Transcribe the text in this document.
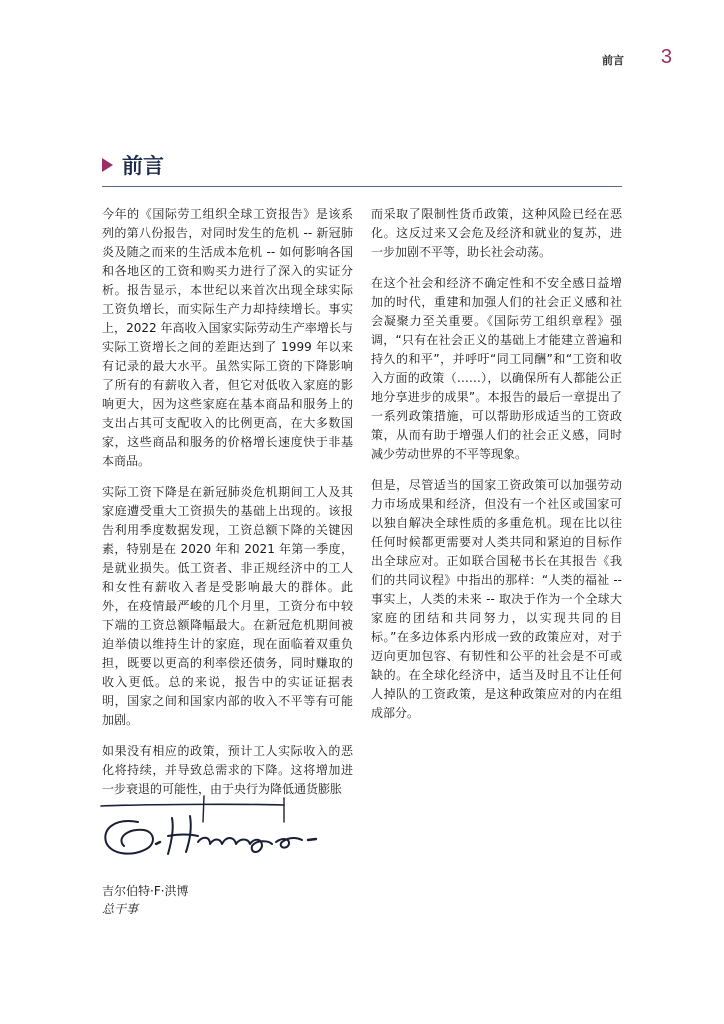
前言 3
前言

今年的《国际劳工组织全球工资报告》是该系列的第八份报告，对同时发生的危机 -- 新冠肺炎及随之而来的生活成本危机 -- 如何影响各国和各地区的工资和购买力进行了深入的实证分析。报告显示，本世纪以来首次出现全球实际工资负增长，而实际生产力却持续增长。事实上，2022 年高收入国家实际劳动生产率增长与实际工资增长之间的差距达到了 1999 年以来有记录的最大水平。虽然实际工资的下降影响了所有的有薪收入者，但它对低收入家庭的影响更大，因为这些家庭在基本商品和服务上的支出占其可支配收入的比例更高，在大多数国家，这些商品和服务的价格增长速度快于非基本商品。

实际工资下降是在新冠肺炎危机期间工人及其家庭遭受重大工资损失的基础上出现的。该报告利用季度数据发现，工资总额下降的关键因素，特别是在 2020 年和 2021 年第一季度，是就业损失。低工资者、非正规经济中的工人和女性有薪收入者是受影响最大的群体。此外，在疫情最严峻的几个月里，工资分布中较下端的工资总额降幅最大。在新冠危机期间被迫举债以维持生计的家庭，现在面临着双重负担，既要以更高的利率偿还债务，同时赚取的收入更低。总的来说，报告中的实证证据表明，国家之间和国家内部的收入不平等有可能加剧。

如果没有相应的政策，预计工人实际收入的恶化将持续，并导致总需求的下降。这将增加进一步衰退的可能性，由于央行为降低通货膨胀

而采取了限制性货币政策，这种风险已经在恶化。这反过来又会危及经济和就业的复苏，进一步加剧不平等，助长社会动荡。

在这个社会和经济不确定性和不安全感日益增加的时代，重建和加强人们的社会正义感和社会凝聚力至关重要。《国际劳工组织章程》强调，“只有在社会正义的基础上才能建立普遍和持久的和平”，并呼吁“同工同酬”和“工资和收入方面的政策（……），以确保所有人都能公正地分享进步的成果”。本报告的最后一章提出了一系列政策措施，可以帮助形成适当的工资政策，从而有助于增强人们的社会正义感，同时减少劳动世界的不平等现象。

但是，尽管适当的国家工资政策可以加强劳动力市场成果和经济，但没有一个社区或国家可以独自解决全球性质的多重危机。现在比以往任何时候都更需要对人类共同和紧迫的目标作出全球应对。正如联合国秘书长在其报告《我们的共同议程》中指出的那样：“人类的福祉 -- 事实上，人类的未来 -- 取决于作为一个全球大家庭的团结和共同努力，以实现共同的目标。”在多边体系内形成一致的政策应对，对于迈向更加包容、有韧性和公平的社会是不可或缺的。在全球化经济中，适当及时且不让任何人掉队的工资政策，是这种政策应对的内在组成部分。

吉尔伯特·F·洪博
总干事
